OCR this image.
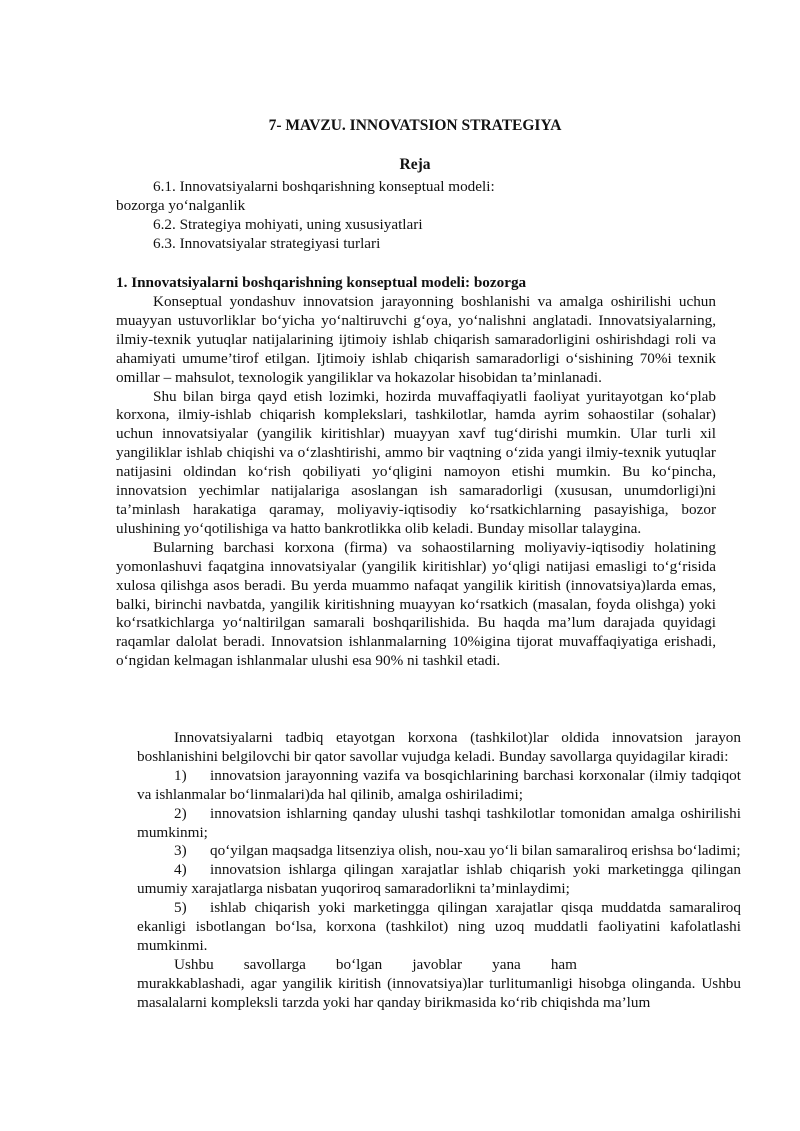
7- MAVZU. INNOVATSION STRATEGIYA
Reja
6.1. Innovatsiyalarni boshqarishning konseptual modeli:
bozorga yo‘nalganlik
6.2. Strategiya mohiyati, uning xususiyatlari
6.3. Innovatsiyalar strategiyasi turlari
1. Innovatsiyalarni boshqarishning konseptual modeli: bozorga

Konseptual yondashuv innovatsion jarayonning boshlanishi va amalga oshirilishi uchun muayyan ustuvorliklar bo‘yicha yo‘naltiruvchi g‘oya, yo‘nalishni anglatadi. Innovatsiyalarning, ilmiy-texnik yutuqlar natijalarining ijtimoiy ishlab chiqarish samaradorligini oshirishdagi roli va ahamiyati umume’tirof etilgan. Ijtimoiy ishlab chiqarish samaradorligi o‘sishining 70%i texnik omillar – mahsulot, texnologik yangiliklar va hokazolar hisobidan ta’minlanadi.

Shu bilan birga qayd etish lozimki, hozirda muvaffaqiyatli faoliyat yuritayotgan ko‘plab korxona, ilmiy-ishlab chiqarish komplekslari, tashkilotlar, hamda ayrim sohaostilar (sohalar) uchun innovatsiyalar (yangilik kiritishlar) muayyan xavf tug‘dirishi mumkin. Ular turli xil yangiliklar ishlab chiqishi va o‘zlashtirishi, ammo bir vaqtning o‘zida yangi ilmiy-texnik yutuqlar natijasini oldindan ko‘rish qobiliyati yo‘qligini namoyon etishi mumkin. Bu ko‘pincha, innovatsion yechimlar natijalariga asoslangan ish samaradorligi (xususan, unumdorligi)ni ta’minlash harakatiga qaramay, moliyaviy-iqtisodiy ko‘rsatkichlarning pasayishiga, bozor ulushining yo‘qotilishiga va hatto bankrotlikka olib keladi. Bunday misollar talaygina.

Bularning barchasi korxona (firma) va sohaostilarning moliyaviy-iqtisodiy holatining yomonlashuvi faqatgina innovatsiyalar (yangilik kiritishlar) yo‘qligi natijasi emasligi to‘g‘risida xulosa qilishga asos beradi. Bu yerda muammo nafaqat yangilik kiritish (innovatsiya)larda emas, balki, birinchi navbatda, yangilik kiritishning muayyan ko‘rsatkich (masalan, foyda olishga) yoki ko‘rsatkichlarga yo‘naltirilgan samarali boshqarilishida. Bu haqda ma’lum darajada quyidagi raqamlar dalolat beradi. Innovatsion ishlanmalarning 10%igina tijorat muvaffaqiyatiga erishadi, o‘ngidan kelmagan ishlanmalar ulushi esa 90% ni tashkil etadi.

Innovatsiyalarni tadbiq etayotgan korxona (tashkilot)lar oldida innovatsion jarayon boshlanishini belgilovchi bir qator savollar vujudga keladi. Bunday savollarga quyidagilar kiradi:

1) innovatsion jarayonning vazifa va bosqichlarining barchasi korxonalar (ilmiy tadqiqot va ishlanmalar bo‘linmalari)da hal qilinib, amalga oshiriladimi;

2) innovatsion ishlarning qanday ulushi tashqi tashkilotlar tomonidan amalga oshirilishi mumkinmi;

3) qo‘yilgan maqsadga litsenziya olish, nou-xau yo‘li bilan samaraliroq erishsa bo‘ladimi;

4) innovatsion ishlarga qilingan xarajatlar ishlab chiqarish yoki marketingga qilingan umumiy xarajatlarga nisbatan yuqoriroq samaradorlikni ta’minlaydimi;

5) ishlab chiqarish yoki marketingga qilingan xarajatlar qisqa muddatda samaraliroq ekanligi isbotlangan bo‘lsa, korxona (tashkilot) ning uzoq muddatli faoliyatini kafolatlashi mumkinmi.

Ushbu savollarga bo‘lgan javoblar yana ham

murakkablashadi, agar yangilik kiritish (innovatsiya)lar turlitumanligi hisobga olinganda. Ushbu masalalarni kompleksli tarzda yoki har qanday birikmasida ko‘rib chiqishda ma’lum
